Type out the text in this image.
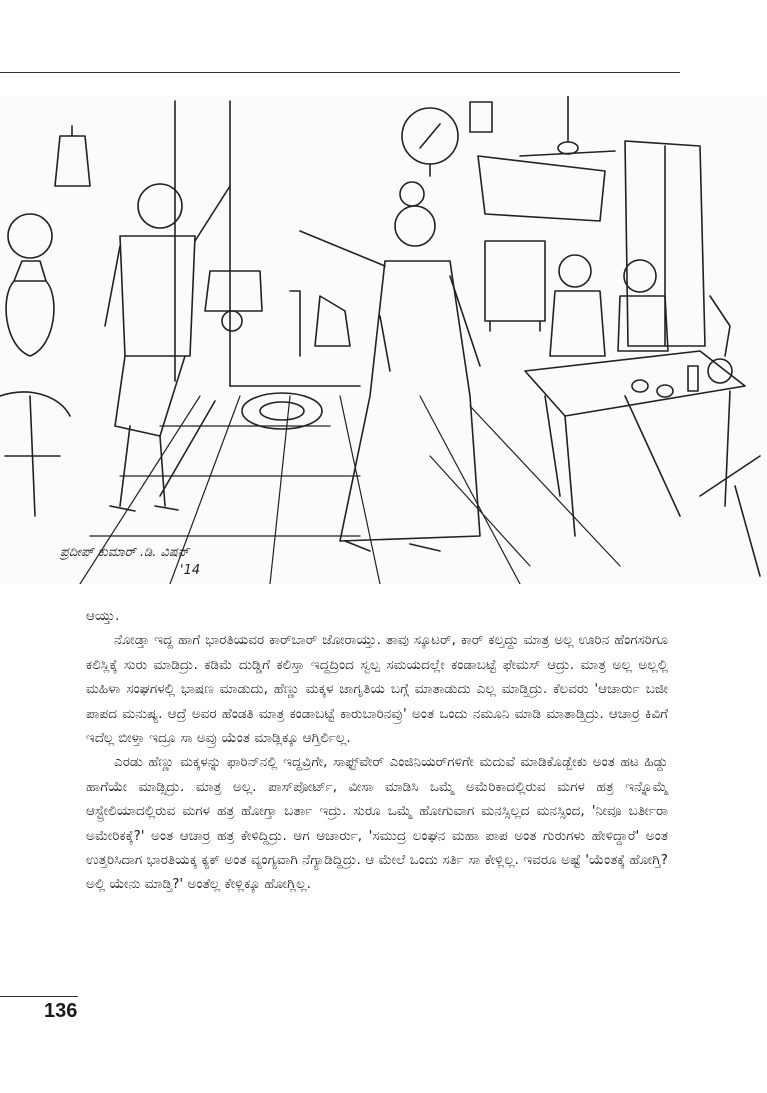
ಪ್ರದೀಪ್ ಕುಮಾರ್ .ಡಿ. ವಿಷನ್
'14

ಆಯ್ತು.

ನೋಡ್ತಾ ಇದ್ದ ಹಾಗೆ ಭಾರತಿಯವರ ಕಾರ್‌ಬಾರ್ ಜೋರಾಯ್ತು. ತಾವು ಸ್ಕೂಟರ್, ಕಾರ್ ಕಲ್ತದ್ದು ಮಾತ್ರ ಅಲ್ಲ ಊರಿನ ಹೆಂಗಸರಿಗೂ ಕಲಿಸ್ಲಿಕ್ಕೆ ಸುರು ಮಾಡಿದ್ರು. ಕಡಿಮೆ ದುಡ್ಡಿಗೆ ಕಲಿಸ್ತಾ ಇದ್ದದ್ರಿಂದ ಸ್ವಲ್ಪ ಸಮಯದಲ್ಲೇ ಕಂಡಾಬಟ್ಟೆ ಫೇಮಸ್ ಆದ್ರು. ಮಾತ್ರ ಅಲ್ಲ ಅಲ್ಲಲ್ಲಿ ಮಹಿಳಾ ಸಂಘಗಳಲ್ಲಿ ಭಾಷಣ ಮಾಡುದು, ಹೆಣ್ಣು ಮಕ್ಕಳ ಜಾಗೃತಿಯ ಬಗ್ಗೆ ಮಾತಾಡುದು ಎಲ್ಲ ಮಾಡ್ತಿದ್ರು. ಕೆಲವರು 'ಆಚಾರ್ರು ಬಜೀ ಪಾಪದ ಮನುಷ್ಯ. ಆದ್ರೆ ಅವರ ಹೆಂಡತಿ ಮಾತ್ರ ಕಂಡಾಬಟ್ಟೆ ಕಾರುಬಾರಿನವ್ರು' ಅಂತ ಒಂದು ನಮೂನಿ ಮಾಡಿ ಮಾತಾಡ್ತಿದ್ರು. ಆಚಾರ್ರ ಕಿವಿಗೆ ಇದೆಲ್ಲ ಬೀಳ್ತಾ ಇದ್ರೂ ಸಾ ಅವ್ರು ಯೆಂತ ಮಾಡ್ಲಿಕ್ಕೂ ಆಗ್ತಿರ್ಲಿಲ್ಲ.

ಎರಡು ಹೆಣ್ಣು ಮಕ್ಕಳನ್ನು ಫಾರಿನ್‌ನಲ್ಲಿ ಇದ್ದವ್ರಿಗೇ, ಸಾಫ್ಟ್‌ವೇರ್ ಎಂಜಿನಿಯರ್‌ಗಳಿಗೇ ಮದುವೆ ಮಾಡಿಕೊಡ್ಬೇಕು ಅಂತ ಹಟ ಹಿಡ್ದು ಹಾಗೆಯೇ ಮಾಡ್ಸಿದ್ರು. ಮಾತ್ರ ಅಲ್ಲ. ಪಾಸ್‌ಪೋರ್ಟ್, ವೀಸಾ ಮಾಡಿಸಿ ಒಮ್ಮೆ ಅಮೆರಿಕಾದಲ್ಲಿರುವ ಮಗಳ ಹತ್ರ ಇನ್ನೊಮ್ಮೆ ಆಸ್ಟ್ರೇಲಿಯಾದಲ್ಲಿರುವ ಮಗಳ ಹತ್ರ ಹೋಗ್ತಾ ಬರ್ತಾ ಇದ್ರು. ಸುರೂ ಒಮ್ಮೆ ಹೋಗುವಾಗ ಮನಸ್ಸಿಲ್ಲದ ಮನಸ್ಸಿಂದ, 'ನೀವೂ ಬರ್ತೀರಾ ಅಮೇರಿಕಕ್ಕೆ?' ಅಂತ ಆಚಾರ್ರ ಹತ್ರ ಕೇಳಿದ್ದಿದ್ರು. ಆಗ ಆಚಾರ್ರು, 'ಸಮುದ್ರ ಲಂಘನ ಮಹಾ ಪಾಪ ಅಂತ ಗುರುಗಳು ಹೇಳಿದ್ದಾರೆ' ಅಂತ ಉತ್ತರಿಸಿದಾಗ ಭಾರತಿಯಕ್ಕ ಕ್ಯಕ್ ಅಂತ ವ್ಯಂಗ್ಯವಾಗಿ ನೆಗ್ಯಾಡಿದ್ದಿದ್ರು. ಆ ಮೇಲೆ ಒಂದು ಸರ್ತಿ ಸಾ ಕೇಳ್ಲಿಲ್ಲ. ಇವರೂ ಅಷ್ಟೆ 'ಯೆಂತಕ್ಕೆ ಹೋಗ್ತಿ? ಅಲ್ಲಿ ಯೇನು ಮಾಡ್ತಿ?' ಅಂತೆಲ್ಲ ಕೇಳ್ಲಿಕ್ಕೂ ಹೋಗ್ಲಿಲ್ಲ.

136
